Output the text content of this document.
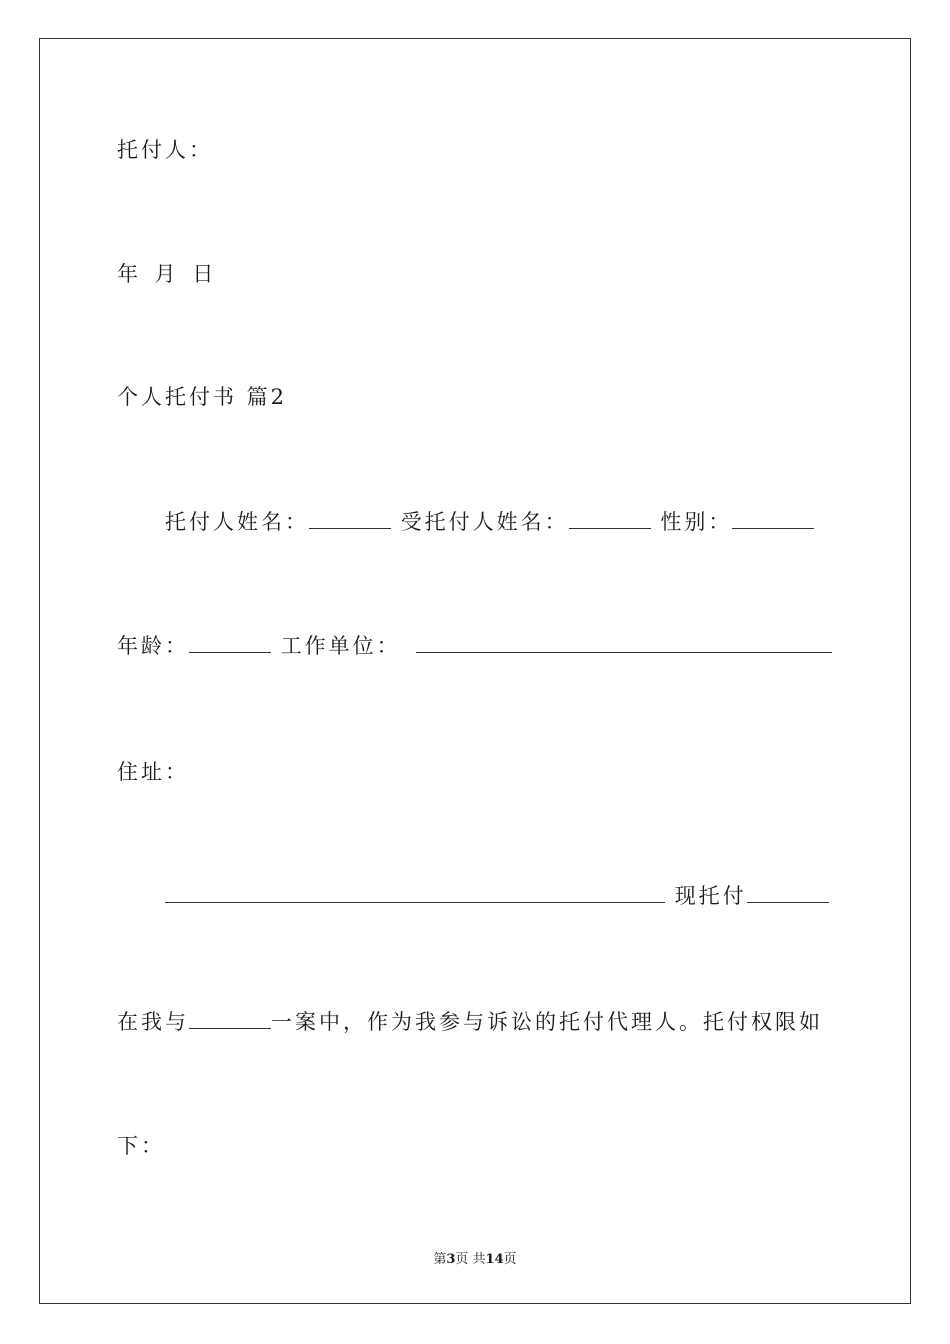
托付人：
年 月 日
个人托付书 篇2
托付人姓名：	受托付人姓名：	性别：
年龄：	工作单位：
住址：
现托付
在我与	一案中，作为我参与诉讼的托付代理人。托付权限如
下：
第3页 共14页
